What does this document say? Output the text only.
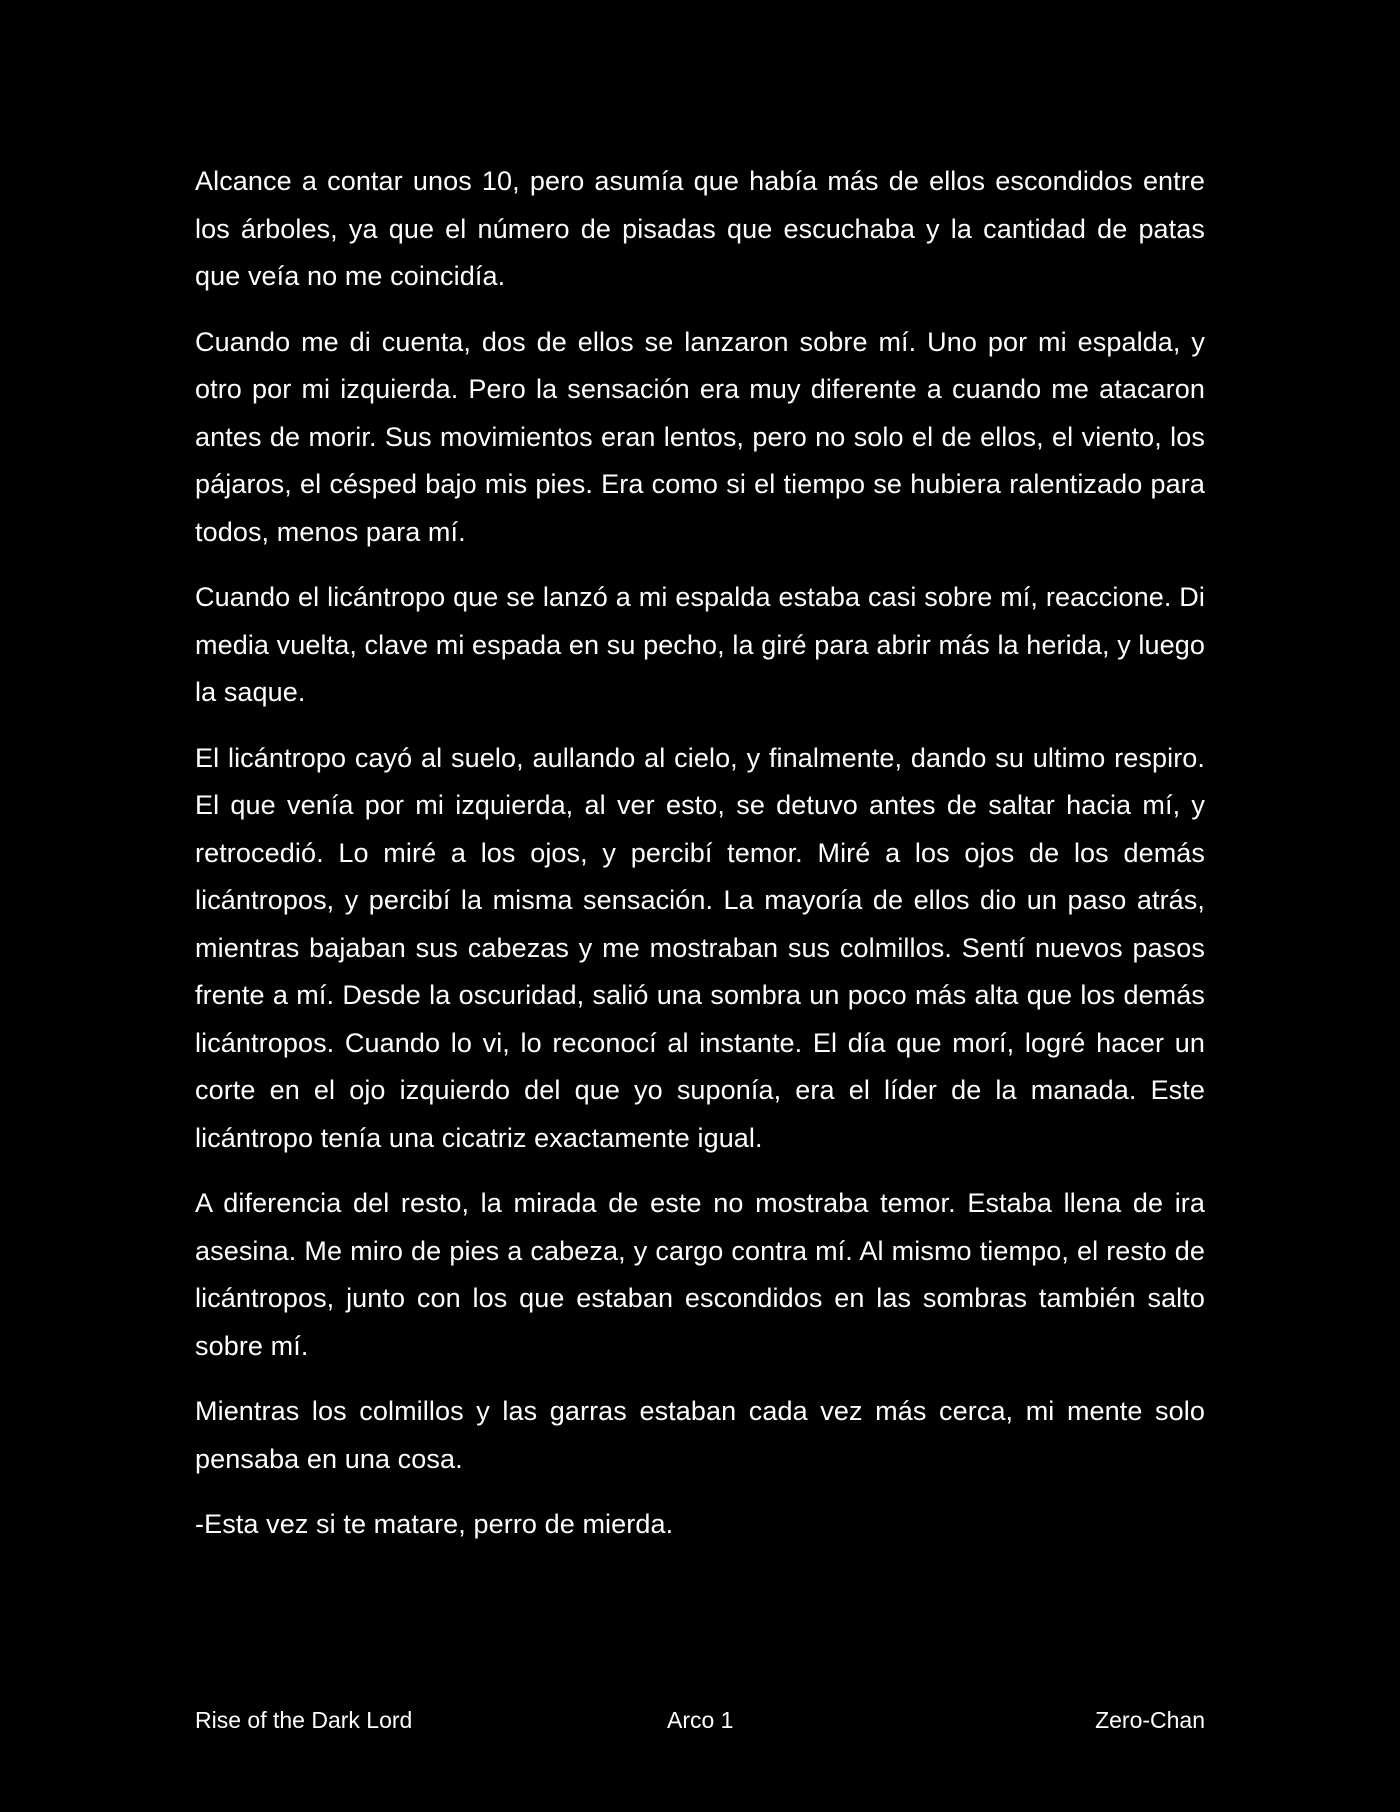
Alcance a contar unos 10, pero asumía que había más de ellos escondidos entre los árboles, ya que el número de pisadas que escuchaba y la cantidad de patas que veía no me coincidía.

Cuando me di cuenta, dos de ellos se lanzaron sobre mí. Uno por mi espalda, y otro por mi izquierda. Pero la sensación era muy diferente a cuando me atacaron antes de morir. Sus movimientos eran lentos, pero no solo el de ellos, el viento, los pájaros, el césped bajo mis pies. Era como si el tiempo se hubiera ralentizado para todos, menos para mí.

Cuando el licántropo que se lanzó a mi espalda estaba casi sobre mí, reaccione. Di media vuelta, clave mi espada en su pecho, la giré para abrir más la herida, y luego la saque.

El licántropo cayó al suelo, aullando al cielo, y finalmente, dando su ultimo respiro. El que venía por mi izquierda, al ver esto, se detuvo antes de saltar hacia mí, y retrocedió. Lo miré a los ojos, y percibí temor. Miré a los ojos de los demás licántropos, y percibí la misma sensación. La mayoría de ellos dio un paso atrás, mientras bajaban sus cabezas y me mostraban sus colmillos. Sentí nuevos pasos frente a mí. Desde la oscuridad, salió una sombra un poco más alta que los demás licántropos. Cuando lo vi, lo reconocí al instante. El día que morí, logré hacer un corte en el ojo izquierdo del que yo suponía, era el líder de la manada. Este licántropo tenía una cicatriz exactamente igual.

A diferencia del resto, la mirada de este no mostraba temor. Estaba llena de ira asesina. Me miro de pies a cabeza, y cargo contra mí. Al mismo tiempo, el resto de licántropos, junto con los que estaban escondidos en las sombras también salto sobre mí.

Mientras los colmillos y las garras estaban cada vez más cerca, mi mente solo pensaba en una cosa.

-Esta vez si te matare, perro de mierda.

Rise of the Dark Lord	Arco 1	Zero-Chan
